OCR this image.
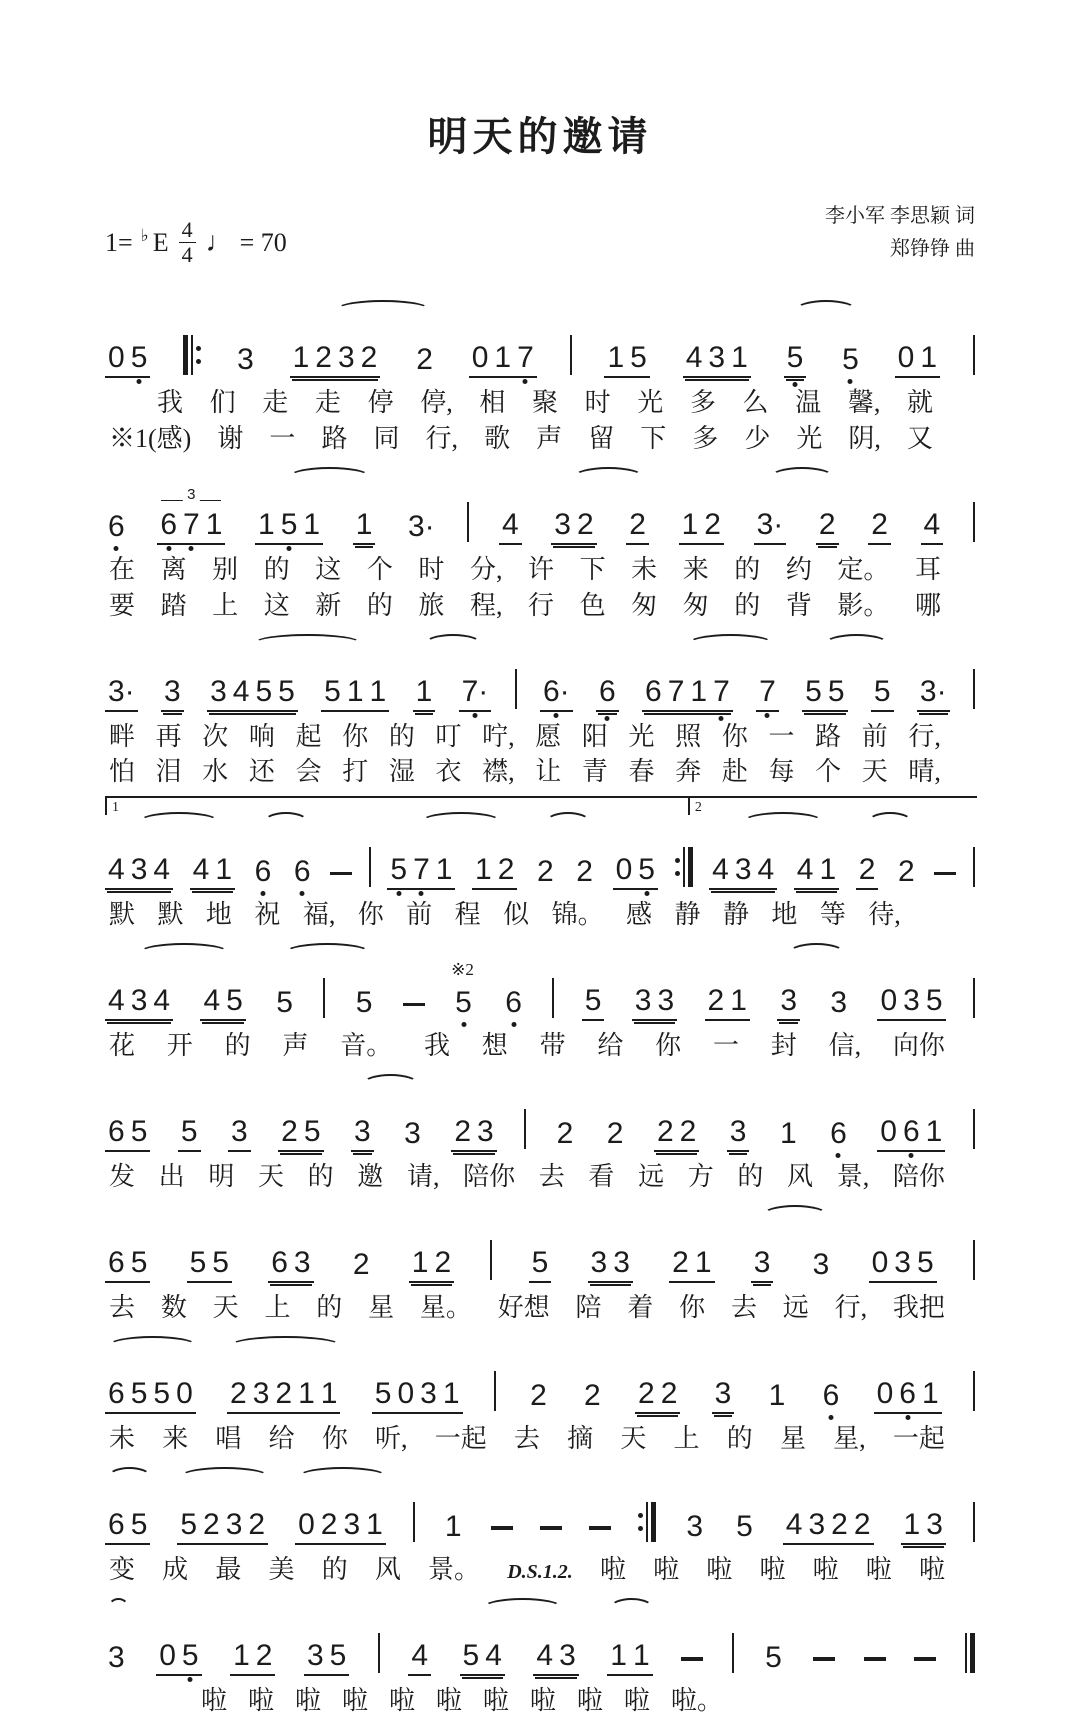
明天的邀请
1= ♭ E $\frac{4}{4}$ ♩ = 70
李小军 李思颖 词
郑铮铮 曲
0 5	3 1 2 3 2 2 0 1 7 1 5 4 3 1 5 5 0 1
我 们 走 走 停 停, 相 聚 时 光 多 么 温 馨, 就
※1(感) 谢 一 路 同 行, 歌 声 留 下 多 少 光 阴, 又
6
3
6 7 1 1 5 1 1 3· 4 3 2 2 1 2 3· 2 2 4
在 离 别 的 这 个 时 分, 许 下 未 来 的 约 定。 耳
要 踏 上 这 新 的 旅 程, 行 色 匆 匆 的 背 影。 哪
3· 3 3 4 5 5 5 1 1 1 7· 6· 6 6 7 1 7 7 5 5 5 3·
畔 再 次 响 起 你 的 叮 咛, 愿 阳 光 照 你 一 路 前 行,
怕 泪 水 还 会 打 湿 衣 襟, 让 青 春 奔 赴 每 个 天 晴,
1	2
4 3 4 4 1 6 6	5 7 1 1 2 2 2 0 5 4 3 4 4 1 2 2
默 默 地 祝 福, 你 前 程 似 锦。 感 静 静 地 等 待,
4 3 4 4 5 5 5	5
※2
6 5 3 3 2 1 3 3 0 3 5
花 开 的 声 音。 我 想 带 给 你 一 封 信, 向你
6 5 5 3 2 5 3 3 2 3 2 2 2 2 3 1 6 0 6 1
发 出 明 天 的 邀 请, 陪你 去 看 远 方 的 风 景, 陪你
6 5 5 5 6 3 2 1 2	5 3 3 2 1 3 3 0 3 5
去 数 天 上 的 星 星。 好想 陪 着 你 去 远 行, 我把
6 5 5 0 2 3 2 1 1 5 0 3 1 2 2 2 2 3 1 6 0 6 1
未 来 唱 给 你 听, 一起 去 摘 天 上 的 星 星, 一起
6 5 5 2 3 2 0 2 3 1 1	3 5 4 3 2 2 1 3
变 成 最 美 的 风 景。 D.S.1.2. 啦 啦 啦 啦 啦 啦 啦
3 0 5 1 2 3 5 4 5 4 4 3 1 1	5
啦 啦 啦 啦 啦 啦 啦 啦 啦 啦 啦。
